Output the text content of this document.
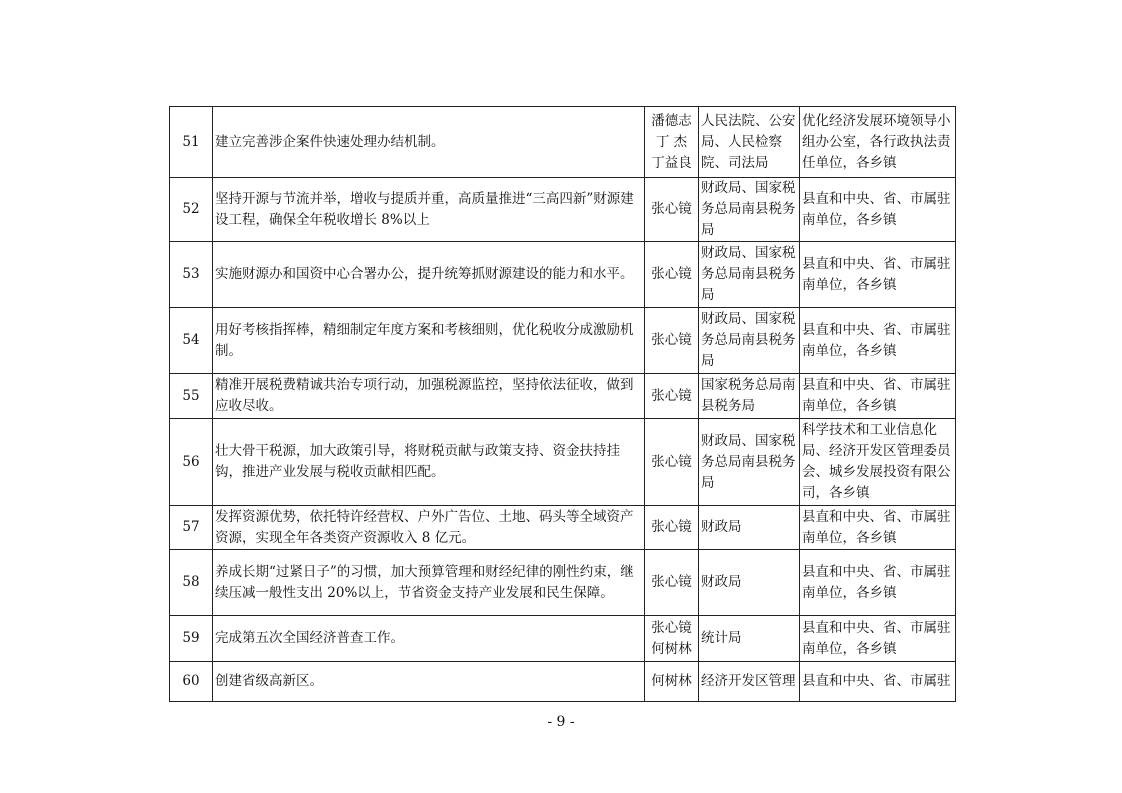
51	建立完善涉企案件快速处理办结机制。	潘德志
丁 杰
丁益良	人民法院、公安局、人民检察院、司法局	优化经济发展环境领导小组办公室，各行政执法责任单位，各乡镇
52	坚持开源与节流并举，增收与提质并重，高质量推进“三高四新”财源建设工程，确保全年税收增长 8%以上	张心镜	财政局、国家税务总局南县税务局	县直和中央、省、市属驻南单位，各乡镇
53	实施财源办和国资中心合署办公，提升统筹抓财源建设的能力和水平。	张心镜	财政局、国家税务总局南县税务局	县直和中央、省、市属驻南单位，各乡镇
54	用好考核指挥棒，精细制定年度方案和考核细则，优化税收分成激励机制。	张心镜	财政局、国家税务总局南县税务局	县直和中央、省、市属驻南单位，各乡镇
55	精准开展税费精诚共治专项行动，加强税源监控，坚持依法征收，做到应收尽收。	张心镜	国家税务总局南县税务局	县直和中央、省、市属驻南单位，各乡镇
56	壮大骨干税源，加大政策引导，将财税贡献与政策支持、资金扶持挂钩，推进产业发展与税收贡献相匹配。	张心镜	财政局、国家税务总局南县税务局	科学技术和工业信息化局、经济开发区管理委员会、城乡发展投资有限公司，各乡镇
57	发挥资源优势，依托特许经营权、户外广告位、土地、码头等全域资产资源，实现全年各类资产资源收入 8 亿元。	张心镜	财政局	县直和中央、省、市属驻南单位，各乡镇
58	养成长期“过紧日子”的习惯，加大预算管理和财经纪律的刚性约束，继续压减一般性支出 20%以上，节省资金支持产业发展和民生保障。	张心镜	财政局	县直和中央、省、市属驻南单位，各乡镇
59	完成第五次全国经济普查工作。	张心镜
何树林	统计局	县直和中央、省、市属驻南单位，各乡镇
60	创建省级高新区。	何树林	经济开发区管理	县直和中央、省、市属驻
- 9 -
